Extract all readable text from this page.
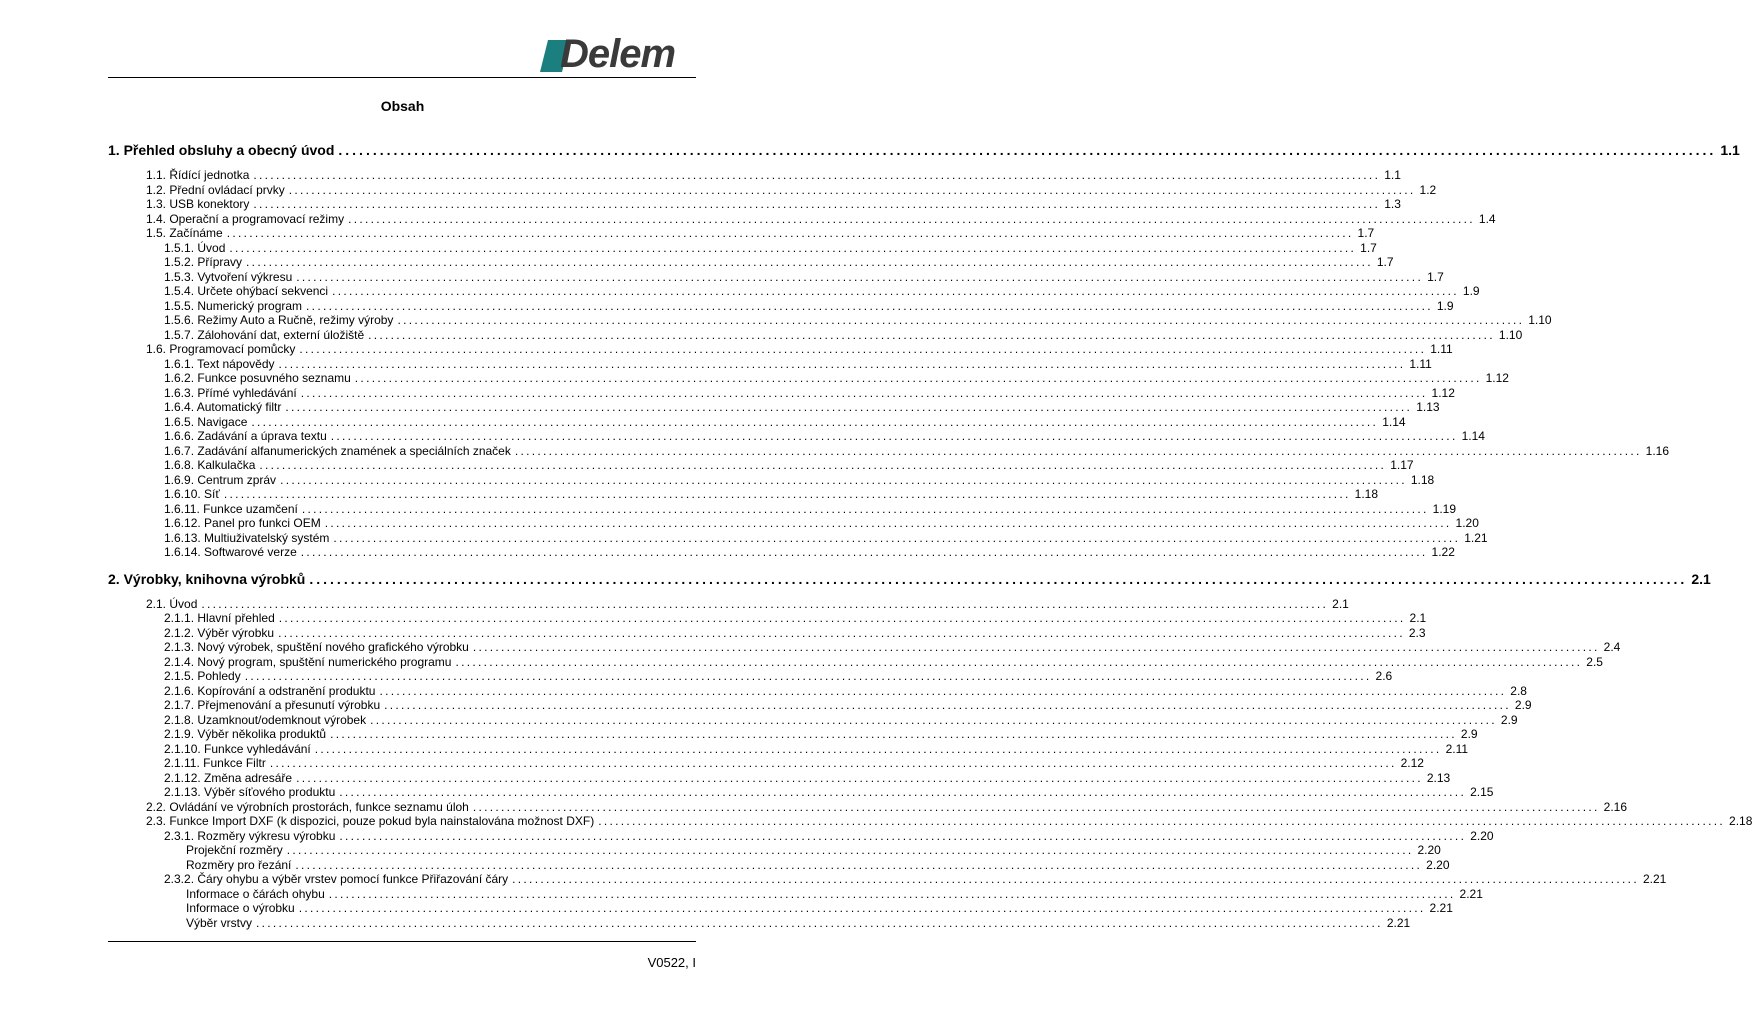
Delem
Obsah
1. Přehled obsluhy a obecný úvod ........................................................................................................................................................................................................ 1.1
1.1. Řídící jednotka ........................................................................................................................................................................................................ 1.1
1.2. Přední ovládací prvky ........................................................................................................................................................................................................ 1.2
1.3. USB konektory ........................................................................................................................................................................................................ 1.3
1.4. Operační a programovací režimy ........................................................................................................................................................................................................ 1.4
1.5. Začínáme ........................................................................................................................................................................................................ 1.7
1.5.1. Úvod ........................................................................................................................................................................................................ 1.7
1.5.2. Přípravy ........................................................................................................................................................................................................ 1.7
1.5.3. Vytvoření výkresu ........................................................................................................................................................................................................ 1.7
1.5.4. Určete ohýbací sekvenci ........................................................................................................................................................................................................ 1.9
1.5.5. Numerický program ........................................................................................................................................................................................................ 1.9
1.5.6. Režimy Auto a Ručně, režimy výroby ........................................................................................................................................................................................................ 1.10
1.5.7. Zálohování dat, externí úložiště ........................................................................................................................................................................................................ 1.10
1.6. Programovací pomůcky ........................................................................................................................................................................................................ 1.11
1.6.1. Text nápovědy ........................................................................................................................................................................................................ 1.11
1.6.2. Funkce posuvného seznamu ........................................................................................................................................................................................................ 1.12
1.6.3. Přímé vyhledávání ........................................................................................................................................................................................................ 1.12
1.6.4. Automatický filtr ........................................................................................................................................................................................................ 1.13
1.6.5. Navigace ........................................................................................................................................................................................................ 1.14
1.6.6. Zadávání a úprava textu ........................................................................................................................................................................................................ 1.14
1.6.7. Zadávání alfanumerických znamének a speciálních značek ........................................................................................................................................................................................................ 1.16
1.6.8. Kalkulačka ........................................................................................................................................................................................................ 1.17
1.6.9. Centrum zpráv ........................................................................................................................................................................................................ 1.18
1.6.10. Síť ........................................................................................................................................................................................................ 1.18
1.6.11. Funkce uzamčení ........................................................................................................................................................................................................ 1.19
1.6.12. Panel pro funkci OEM ........................................................................................................................................................................................................ 1.20
1.6.13. Multiuživatelský systém ........................................................................................................................................................................................................ 1.21
1.6.14. Softwarové verze ........................................................................................................................................................................................................ 1.22
2. Výrobky, knihovna výrobků ........................................................................................................................................................................................................ 2.1
2.1. Úvod ........................................................................................................................................................................................................ 2.1
2.1.1. Hlavní přehled ........................................................................................................................................................................................................ 2.1
2.1.2. Výběr výrobku ........................................................................................................................................................................................................ 2.3
2.1.3. Nový výrobek, spuštění nového grafického výrobku ........................................................................................................................................................................................................ 2.4
2.1.4. Nový program, spuštění numerického programu ........................................................................................................................................................................................................ 2.5
2.1.5. Pohledy ........................................................................................................................................................................................................ 2.6
2.1.6. Kopírování a odstranění produktu ........................................................................................................................................................................................................ 2.8
2.1.7. Přejmenování a přesunutí výrobku ........................................................................................................................................................................................................ 2.9
2.1.8. Uzamknout/odemknout výrobek ........................................................................................................................................................................................................ 2.9
2.1.9. Výběr několika produktů ........................................................................................................................................................................................................ 2.9
2.1.10. Funkce vyhledávání ........................................................................................................................................................................................................ 2.11
2.1.11. Funkce Filtr ........................................................................................................................................................................................................ 2.12
2.1.12. Změna adresáře ........................................................................................................................................................................................................ 2.13
2.1.13. Výběr síťového produktu ........................................................................................................................................................................................................ 2.15
2.2. Ovládání ve výrobních prostorách, funkce seznamu úloh ........................................................................................................................................................................................................ 2.16
2.3. Funkce Import DXF (k dispozici, pouze pokud byla nainstalována možnost DXF) ........................................................................................................................................................................................................ 2.18
2.3.1. Rozměry výkresu výrobku ........................................................................................................................................................................................................ 2.20
Projekční rozměry ........................................................................................................................................................................................................ 2.20
Rozměry pro řezání ........................................................................................................................................................................................................ 2.20
2.3.2. Čáry ohybu a výběr vrstev pomocí funkce Přiřazování čáry ........................................................................................................................................................................................................ 2.21
Informace o čárách ohybu ........................................................................................................................................................................................................ 2.21
Informace o výrobku ........................................................................................................................................................................................................ 2.21
Výběr vrstvy ........................................................................................................................................................................................................ 2.21
V0522, I
